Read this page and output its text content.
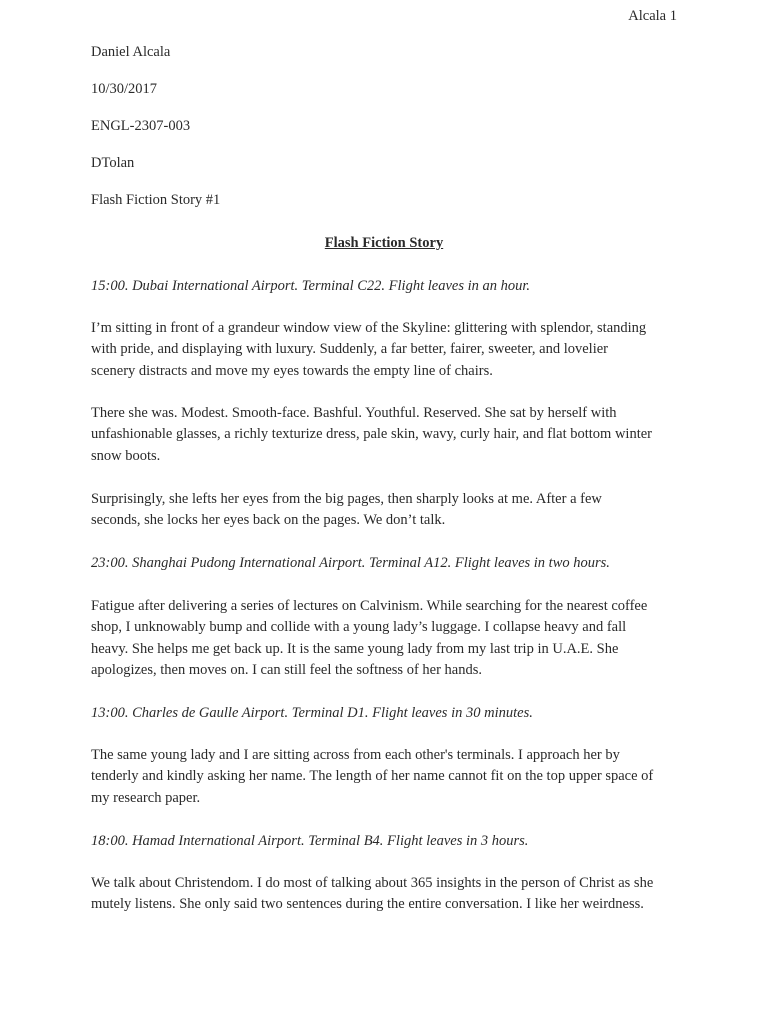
Alcala 1
Daniel Alcala
10/30/2017
ENGL-2307-003
DTolan
Flash Fiction Story #1
Flash Fiction Story
15:00. Dubai International Airport. Terminal C22. Flight leaves in an hour.
I’m sitting in front of a grandeur window view of the Skyline: glittering with splendor, standing
with pride, and displaying with luxury. Suddenly, a far better, fairer, sweeter, and lovelier
scenery distracts and move my eyes towards the empty line of chairs.
There she was. Modest. Smooth-face. Bashful. Youthful. Reserved. She sat by herself with
unfashionable glasses, a richly texturize dress, pale skin, wavy, curly hair, and flat bottom winter
snow boots.
Surprisingly, she lefts her eyes from the big pages, then sharply looks at me. After a few
seconds, she locks her eyes back on the pages. We don’t talk.
23:00. Shanghai Pudong International Airport. Terminal A12. Flight leaves in two hours.
Fatigue after delivering a series of lectures on Calvinism. While searching for the nearest coffee
shop, I unknowably bump and collide with a young lady’s luggage. I collapse heavy and fall
heavy. She helps me get back up. It is the same young lady from my last trip in U.A.E. She
apologizes, then moves on. I can still feel the softness of her hands.
13:00. Charles de Gaulle Airport. Terminal D1. Flight leaves in 30 minutes.
The same young lady and I are sitting across from each other's terminals. I approach her by
tenderly and kindly asking her name. The length of her name cannot fit on the top upper space of
my research paper.
18:00. Hamad International Airport. Terminal B4. Flight leaves in 3 hours.
We talk about Christendom. I do most of talking about 365 insights in the person of Christ as she
mutely listens. She only said two sentences during the entire conversation. I like her weirdness.
